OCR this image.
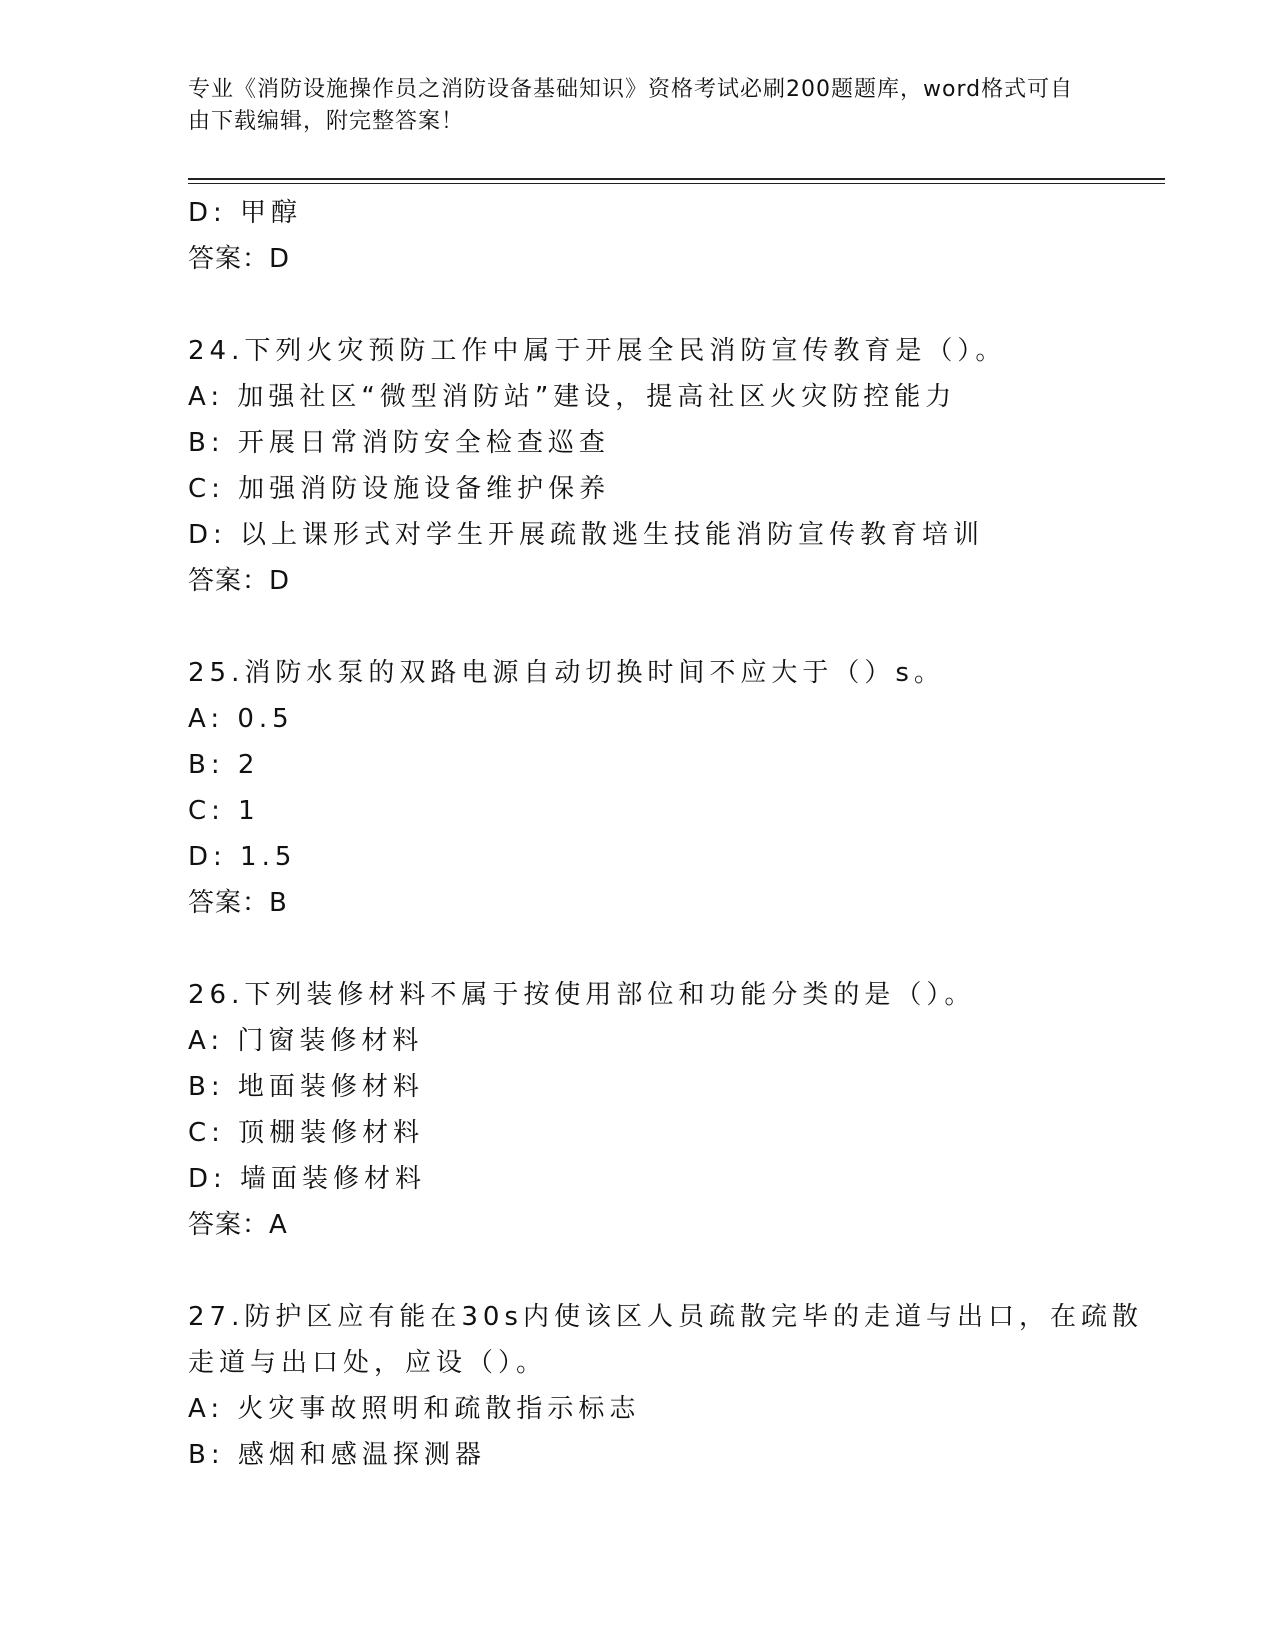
专业《消防设施操作员之消防设备基础知识》资格考试必刷200题题库，word格式可自由下载编辑，附完整答案！
D: 甲醇
答案：D
24.下列火灾预防工作中属于开展全民消防宣传教育是（）。
A: 加强社区“微型消防站”建设，提高社区火灾防控能力
B: 开展日常消防安全检查巡查
C: 加强消防设施设备维护保养
D: 以上课形式对学生开展疏散逃生技能消防宣传教育培训
答案：D
25.消防水泵的双路电源自动切换时间不应大于（）s。
A: 0.5
B: 2
C: 1
D: 1.5
答案：B
26.下列装修材料不属于按使用部位和功能分类的是（）。
A: 门窗装修材料
B: 地面装修材料
C: 顶棚装修材料
D: 墙面装修材料
答案：A
27.防护区应有能在30s内使该区人员疏散完毕的走道与出口，在疏散走道与出口处，应设（）。
A: 火灾事故照明和疏散指示标志
B: 感烟和感温探测器
